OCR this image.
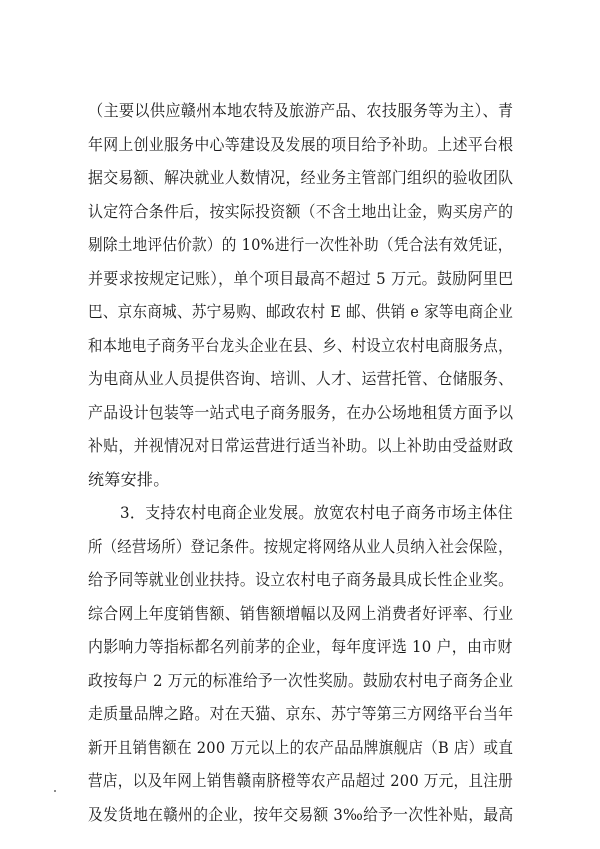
（主要以供应赣州本地农特及旅游产品、农技服务等为主）、青
年网上创业服务中心等建设及发展的项目给予补助。上述平台根
据交易额、解决就业人数情况，经业务主管部门组织的验收团队
认定符合条件后，按实际投资额（不含土地出让金，购买房产的
剔除土地评估价款）的 10%进行一次性补助（凭合法有效凭证，
并要求按规定记账），单个项目最高不超过 5 万元。鼓励阿里巴
巴、京东商城、苏宁易购、邮政农村 E 邮、供销 e 家等电商企业
和本地电子商务平台龙头企业在县、乡、村设立农村电商服务点，
为电商从业人员提供咨询、培训、人才、运营托管、仓储服务、
产品设计包装等一站式电子商务服务，在办公场地租赁方面予以
补贴，并视情况对日常运营进行适当补助。以上补助由受益财政
统筹安排。
3．支持农村电商企业发展。放宽农村电子商务市场主体住
所（经营场所）登记条件。按规定将网络从业人员纳入社会保险，
给予同等就业创业扶持。设立农村电子商务最具成长性企业奖。
综合网上年度销售额、销售额增幅以及网上消费者好评率、行业
内影响力等指标都名列前茅的企业，每年度评选 10 户，由市财
政按每户 2 万元的标准给予一次性奖励。鼓励农村电子商务企业
走质量品牌之路。对在天猫、京东、苏宁等第三方网络平台当年
新开且销售额在 200 万元以上的农产品品牌旗舰店（B 店）或直
营店，以及年网上销售赣南脐橙等农产品超过 200 万元，且注册
及发货地在赣州的企业，按年交易额 3‰给予一次性补贴，最高
